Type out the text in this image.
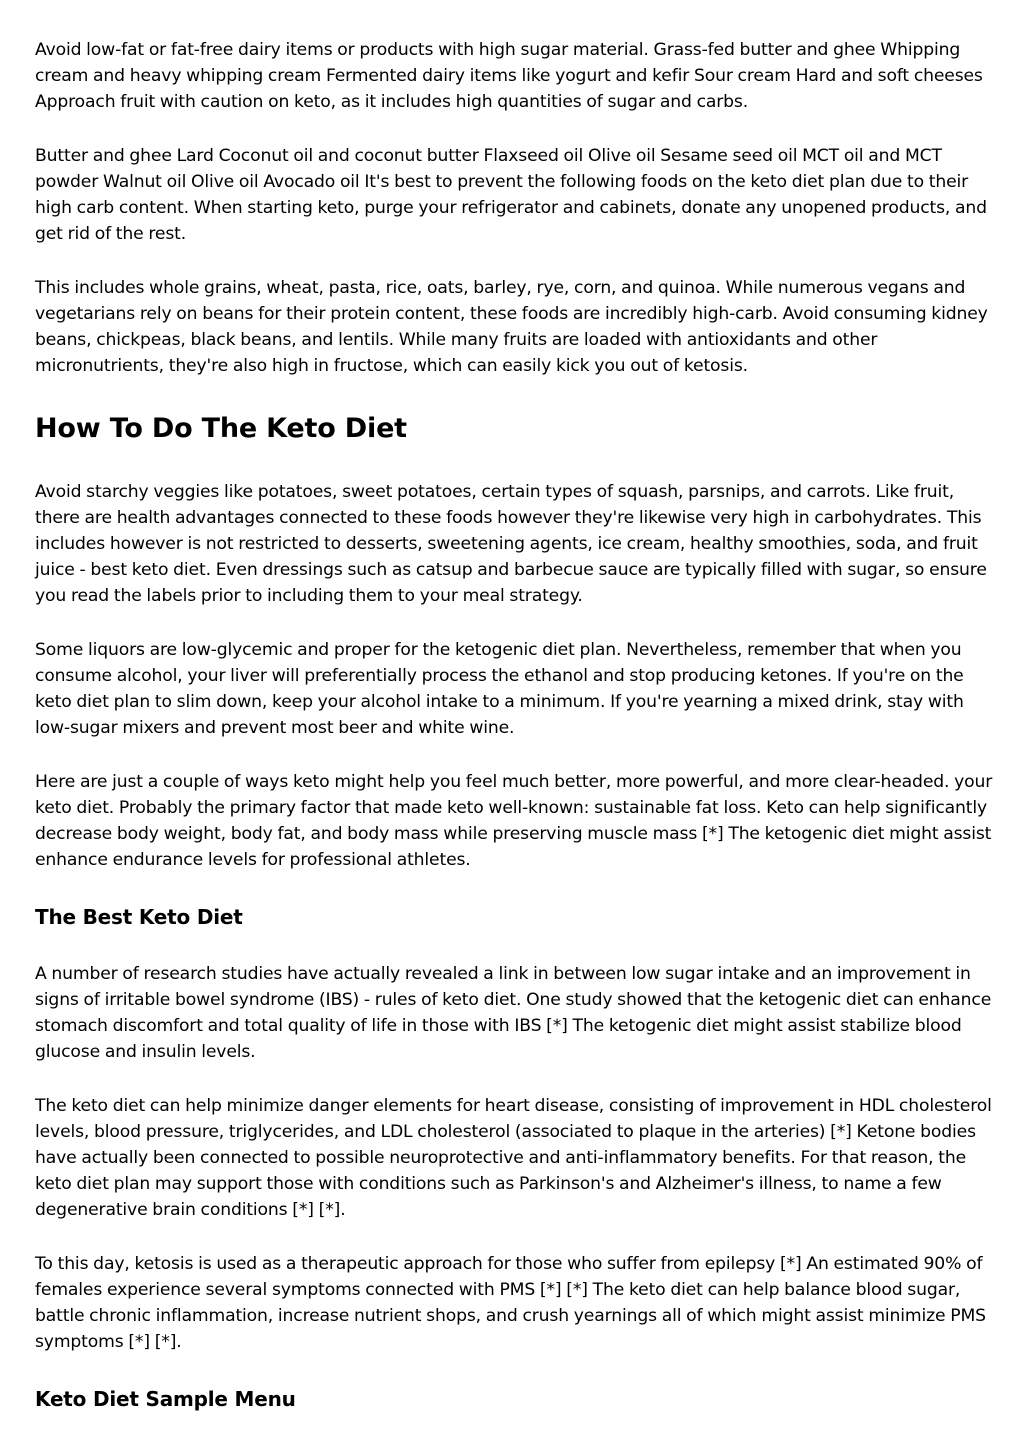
Avoid low-fat or fat-free dairy items or products with high sugar material. Grass-fed butter and ghee Whipping cream and heavy whipping cream Fermented dairy items like yogurt and kefir Sour cream Hard and soft cheeses Approach fruit with caution on keto, as it includes high quantities of sugar and carbs.

Butter and ghee Lard Coconut oil and coconut butter Flaxseed oil Olive oil Sesame seed oil MCT oil and MCT powder Walnut oil Olive oil Avocado oil It's best to prevent the following foods on the keto diet plan due to their high carb content. When starting keto, purge your refrigerator and cabinets, donate any unopened products, and get rid of the rest.

This includes whole grains, wheat, pasta, rice, oats, barley, rye, corn, and quinoa. While numerous vegans and vegetarians rely on beans for their protein content, these foods are incredibly high-carb. Avoid consuming kidney beans, chickpeas, black beans, and lentils. While many fruits are loaded with antioxidants and other micronutrients, they're also high in fructose, which can easily kick you out of ketosis.

How To Do The Keto Diet

Avoid starchy veggies like potatoes, sweet potatoes, certain types of squash, parsnips, and carrots. Like fruit, there are health advantages connected to these foods however they're likewise very high in carbohydrates. This includes however is not restricted to desserts, sweetening agents, ice cream, healthy smoothies, soda, and fruit juice - best keto diet. Even dressings such as catsup and barbecue sauce are typically filled with sugar, so ensure you read the labels prior to including them to your meal strategy.

Some liquors are low-glycemic and proper for the ketogenic diet plan. Nevertheless, remember that when you consume alcohol, your liver will preferentially process the ethanol and stop producing ketones. If you're on the keto diet plan to slim down, keep your alcohol intake to a minimum. If you're yearning a mixed drink, stay with low-sugar mixers and prevent most beer and white wine.

Here are just a couple of ways keto might help you feel much better, more powerful, and more clear-headed. your keto diet. Probably the primary factor that made keto well-known: sustainable fat loss. Keto can help significantly decrease body weight, body fat, and body mass while preserving muscle mass [*] The ketogenic diet might assist enhance endurance levels for professional athletes.

The Best Keto Diet

A number of research studies have actually revealed a link in between low sugar intake and an improvement in signs of irritable bowel syndrome (IBS) - rules of keto diet. One study showed that the ketogenic diet can enhance stomach discomfort and total quality of life in those with IBS [*] The ketogenic diet might assist stabilize blood glucose and insulin levels.

The keto diet can help minimize danger elements for heart disease, consisting of improvement in HDL cholesterol levels, blood pressure, triglycerides, and LDL cholesterol (associated to plaque in the arteries) [*] Ketone bodies have actually been connected to possible neuroprotective and anti-inflammatory benefits. For that reason, the keto diet plan may support those with conditions such as Parkinson's and Alzheimer's illness, to name a few degenerative brain conditions [*] [*].

To this day, ketosis is used as a therapeutic approach for those who suffer from epilepsy [*] An estimated 90% of females experience several symptoms connected with PMS [*] [*] The keto diet can help balance blood sugar, battle chronic inflammation, increase nutrient shops, and crush yearnings all of which might assist minimize PMS symptoms [*] [*].

Keto Diet Sample Menu
